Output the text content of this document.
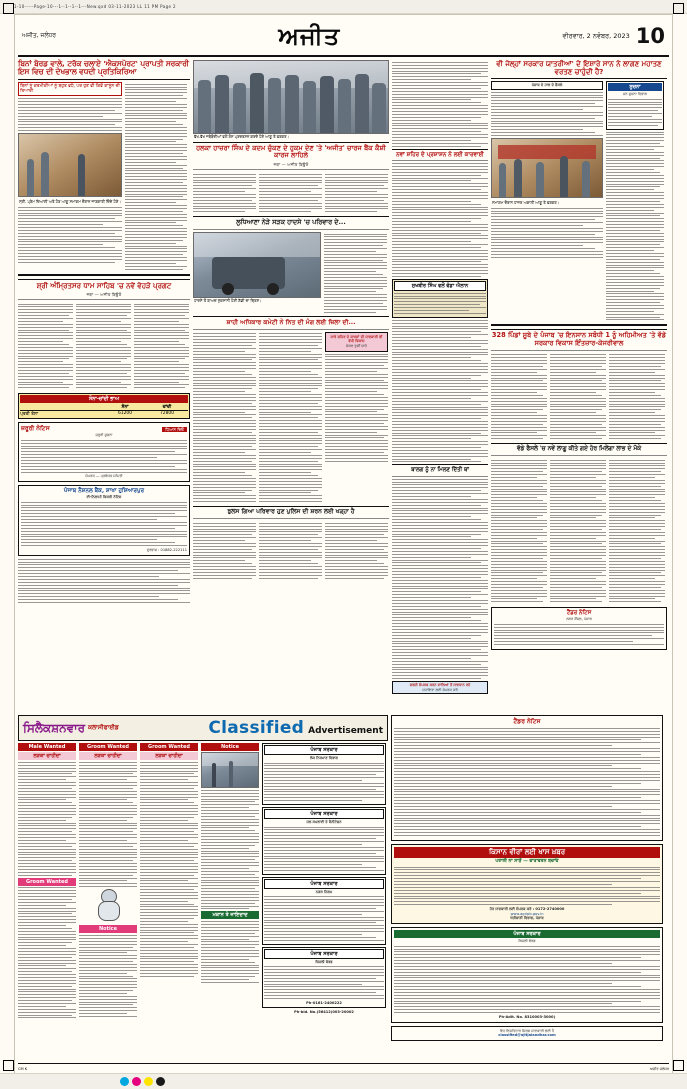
1-10-----Page-10---1--1--1--1---New.qxd 03-11-2023 LL 11 PM Page 2
ਅਜੀਤ, ਜਲੰਧਰ	ਅਜੀਤ	ਵੀਰਵਾਰ, 2 ਨਵੰਬਰ, 2023 10
ਬਿਨਾਂ ਬੋਰਡ ਵਾਲੇ, ਟਰੱਕ ਚਲਾਏ 'ਐਕਸਪੋਰਟ' ਪ੍ਰਾਪਤੀ ਸਰਕਾਰੀ ਇਸ ਵਿਚ ਦੀ ਦੇਖਭਾਲ ਵਧਦੀ ਪ੍ਰਤਿਕਿਰਿਆ
ਬਿਨਾਂ ਨੂੰ ਕਰਮੀਕੀਆਂ ਨੂੰ ਬਹੁਤ ਵਧੇ, ਪਰ ਹੁਣ ਵੀ ਕਿਵੇਂ ਕਾਨੂੰਨ ਦੀ ਤਿਆਰੀ
ਸ੍ਰੀ. ਪ੍ਰੇਮ ਦਿਆਲੀ ਅਤੇ ਹੋਰ ਆਗੂ ਸਮਾਗਮ ਦੌਰਾਨ ਜਾਣਕਾਰੀ ਦਿੰਦੇ ਹੋਏ।
ਸ਼੍ਰੀ ਅੰਮ੍ਰਿਤਸਰ ਧਾਮ ਸਾਹਿਬ 'ਚ ਨਵੇਂ ਵੇਹੜੇ ਪ੍ਰਗਟ
ਜਥਾ — ਅਜੀਤ ਬਿਊਰੋ
ਸੋਨਾ-ਚਾਂਦੀ ਭਾਅ
ਸੋਨਾ	ਚਾਂਦੀ
ਪ੍ਰਤੀ ਤੋਲਾ	61200	72800
ਜ਼ਰੂਰੀ ਨੋਟਿਸ	ਧਿਆਨ ਦਿਓ
ਜ਼ਰੂਰੀ ਸੂਚਨਾ
ਸੰਪਰਕ — ਪ੍ਰਬੰਧਕ ਸਮਿਤੀ
ਪੰਜਾਬ ਨੈਸ਼ਨਲ ਬੈਂਕ, ਸ਼ਾਖਾ ਹੁਸ਼ਿਆਰਪੁਰ
ਈ-ਨਿਲਾਮੀ ਵਿਕਰੀ ਨੋਟਿਸ
ਦੂਰਭਾਸ਼ : 01882-222111
ਵੱਖ-ਵੱਖ ਜਥੇਬੰਦੀਆਂ ਵਲੋਂ ਰੋਸ ਪ੍ਰਦਰਸ਼ਨ ਕਰਦੇ ਹੋਏ ਆਗੂ ਤੇ ਵਰਕਰ।
ਹਲਕਾ ਹਾਜ਼ਰਾ ਸਿੰਘ ਦੇ ਕਦਮ ਚੁੱਕਣ ਦੇ ਹੁਕਮ ਦੇਣ 'ਤੇ 'ਅਜੀਤ' ਚਾਰਜ ਬੈਂਕ ਕੈਸ਼ੀ ਕਾਰਜ ਲਾਹਿਲੇ
ਜਥਾ — ਅਜੀਤ ਬਿਊਰੋ
ਲੁਧਿਆਣਾ ਨੇੜੇ ਸੜਕ ਹਾਦਸੇ 'ਚ ਪਰਿਵਾਰ ਦੇ...
ਹਾਦਸੇ ਤੋਂ ਬਾਅਦ ਨੁਕਸਾਨੀ ਹੋਈ ਗੱਡੀ ਦਾ ਦ੍ਰਿਸ਼।
ਸ਼ਾਹੀ ਅਧਿਕਾਰ ਕਮੇਟੀ ਨੇ ਨਿਤ ਦੀ ਮੰਗ ਲਈ ਜ਼ਿਲਾ ਦੀ...
ਸਾਰੇ ਸ਼ਹਿਰ ਦੇ ਕਾਰਜਾਂ ਦੀ ਜਾਣਕਾਰੀ ਵੀ ਵੱਧੀ ਵਿਕਾਸ
ਜੇਕਰ ਤੁਸੀਂ ਚਾਹੋ
ਝੁਲਸ ਗਿਆ ਪਰਿਵਾਰ ਹੁਣ ਪੁਲਿਸ ਦੀ ਸ਼ਰਨ ਲਈ ਖੜ੍ਹਾ ਹੈ
ਨਵਾਂ ਸ਼ਹਿਰ ਦੇ ਪ੍ਰਸ਼ਾਸ਼ਨ ਨੇ ਲਈ ਕਾਰਵਾਈ
ਸੁਖਬੀਰ ਸਿੰਘ ਵਲੋਂ ਵੱਡਾ ਐਲਾਨ
ਬਾਲਗ ਨੂੰ ਨਾ ਮਿਲਣ ਦਿੱਤੀ ਥਾਂ
ਫਰਜ਼ੀ ਸੰਪਰਕ ਕਰਨ ਵਾਲਿਆਂ ਤੋਂ ਸਾਵਧਾਨ ਰਹੋ
ਸਹਾਇਤਾ ਲਈ ਸੰਪਰਕ ਕਰੋ
ਵੀ ਜੇਲ੍ਹਾਂ ਸਰਕਾਰ ਯਾਤਰੀਆਂ' ਦੇ ਇਸ਼ਾਰੇ ਸਾਨ ਨੇ ਲਾਗਣ ਮਹਾਤਣ ਵਰਤਣ ਚਾਹੁੰਦੀ ਹੈ?
ਪੰਜਾਬ ਦੇ ਹਾਲ ਦੇ ਫੈਸਲੇ
ਸਮਾਗਮ ਦੌਰਾਨ ਹਾਜ਼ਰ ਅਕਾਲੀ ਆਗੂ ਤੇ ਵਰਕਰ।
ਸੂਚਨਾ
ਜਨ ਸੂਚਨਾ ਵਿਭਾਗ
328 ਪਿੰਡਾਂ ਸੂਬੇ ਦੇ ਪੰਜਾਬ 'ਚ ਇਨਸਾਨ ਸਬੰਧੀ 1 ਨੂੰ ਅਹਿਮੀਅਤ 'ਤੇ ਵੱਡੇ ਸਰਕਾਰ ਵਿਕਾਸ ਇੰਤਜ਼ਾਰ-ਕੇਜਰੀਵਾਲ
ਵੱਡੇ ਫੈਸਲੇ 'ਚ ਨਵੇਂ ਲਾਗੂ ਕੀਤੇ ਗਏ ਹੋਰ ਮਿਲੇਗਾ ਲਾਭ ਦੇ ਮੌਕੇ
ਟੈਂਡਰ ਨੋਟਿਸ
ਨਗਰ ਕੌਂਸਲ, ਪੰਜਾਬ
ਸਿਲੈਕਸ਼ਨਵਾਰ ਕਲਾਸੀਫਾਈਡ	Classified Advertisement
Male Wanted
ਲੜਕਾ ਚਾਹੀਦਾ
Groom Wanted
Groom Wanted
ਲੜਕਾ ਚਾਹੀਦਾ
Notice
Groom Wanted
ਲੜਕਾ ਚਾਹੀਦਾ
Notice
ਮਕਾਨ ਤੇ ਜਾਇਦਾਦ
ਪੰਜਾਬ ਸਰਕਾਰ
ਲੋਕ ਨਿਰਮਾਣ ਵਿਭਾਗ
ਪੰਜਾਬ ਸਰਕਾਰ
ਜਲ ਸਪਲਾਈ ਤੇ ਸੈਨੀਟੇਸ਼ਨ
ਪੰਜਾਬ ਸਰਕਾਰ
ਨਗਰ ਨਿਗਮ
ਪੰਜਾਬ ਸਰਕਾਰ
ਬਿਜਲੀ ਬੋਰਡ
Ph-0161-2400222
Ph-bid. No.(56412)003-20002
ਟੈਂਡਰ ਨੋਟਿਸ
ਕਿਸਾਨ ਵੀਰਾਂ ਲਈ ਖਾਸ ਖ਼ਬਰ
ਪਰਾਲੀ ਨਾ ਸਾੜੋ — ਵਾਤਾਵਰਨ ਬਚਾਓ
ਹੋਰ ਜਾਣਕਾਰੀ ਲਈ ਸੰਪਰਕ ਕਰੋ : 0172-2740000
www.agripb.gov.in
ਖੇਤੀਬਾੜੀ ਵਿਭਾਗ, ਪੰਜਾਬ
ਪੰਜਾਬ ਸਰਕਾਰ
ਬਿਜਲੀ ਬੋਰਡ
Ph-Adit. No. 8310003-3000)
ਇਹ ਇਸ਼ਤਿਹਾਰ ਸਿਰਫ਼ ਜਾਣਕਾਰੀ ਲਈ ਹੈ
classified@ajitjalandhar.com
CM K	ਅਜੀਤ ਜਲੰਧਰ
